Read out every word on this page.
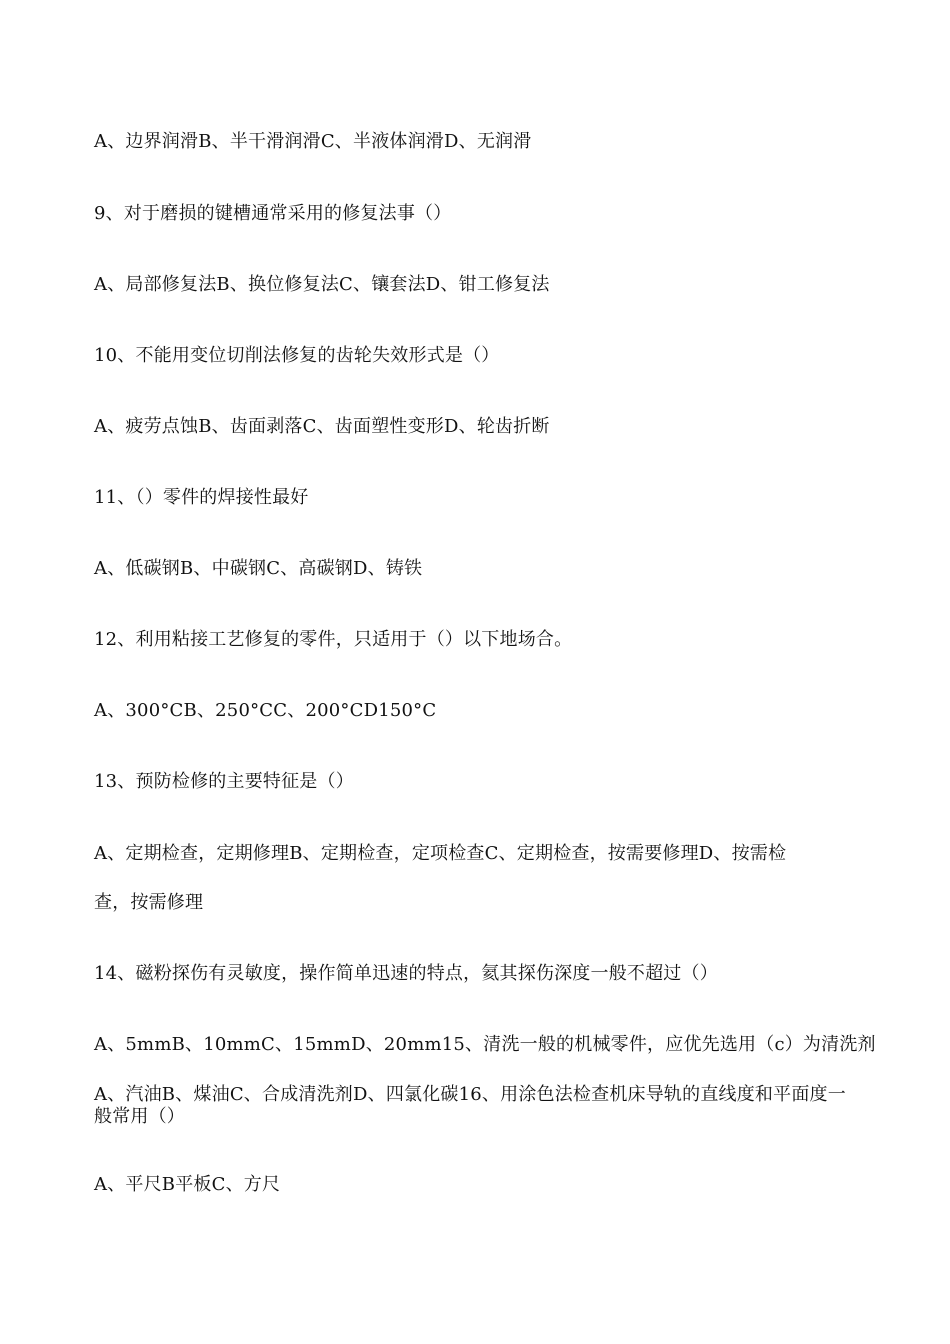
A、边界润滑B、半干滑润滑C、半液体润滑D、无润滑
9、对于磨损的键槽通常采用的修复法事（）
A、局部修复法B、换位修复法C、镶套法D、钳工修复法
10、不能用变位切削法修复的齿轮失效形式是（）
A、疲劳点蚀B、齿面剥落C、齿面塑性变形D、轮齿折断
11、（）零件的焊接性最好
A、低碳钢B、中碳钢C、高碳钢D、铸铁
12、利用粘接工艺修复的零件，只适用于（）以下地场合。
A、300°CB、250°CC、200°CD150°C
13、预防检修的主要特征是（）
A、定期检查，定期修理B、定期检查，定项检查C、定期检查，按需要修理D、按需检
查，按需修理
14、磁粉探伤有灵敏度，操作简单迅速的特点，氦其探伤深度一般不超过（）
A、5mmB、10mmC、15mmD、20mm15、清洗一般的机械零件，应优先选用（c）为清洗剂
A、汽油B、煤油C、合成清洗剂D、四氯化碳16、用涂色法检查机床导轨的直线度和平面度一般常用（）
A、平尺B平板C、方尺
